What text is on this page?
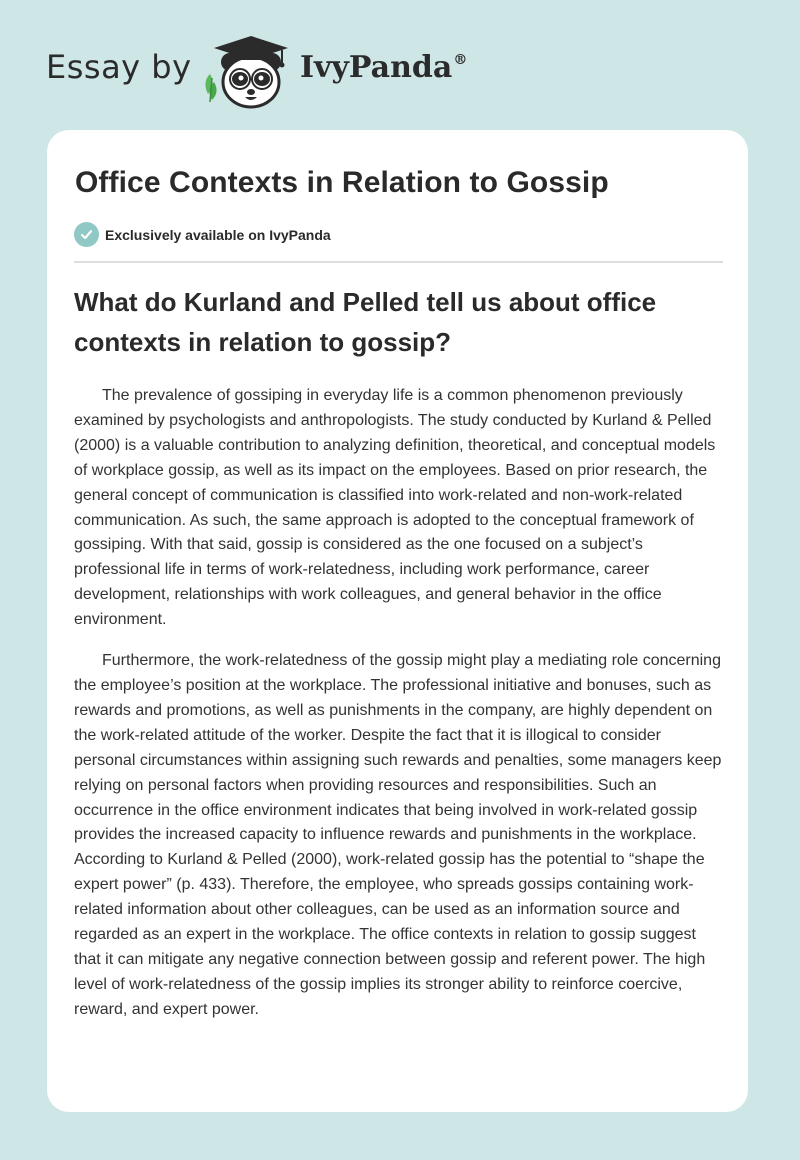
Essay by	IvyPanda®
Office Contexts in Relation to Gossip
Exclusively available on IvyPanda
What do Kurland and Pelled tell us about office contexts in relation to gossip?

The prevalence of gossiping in everyday life is a common phenomenon previously examined by psychologists and anthropologists. The study conducted by Kurland & Pelled (2000) is a valuable contribution to analyzing definition, theoretical, and conceptual models of workplace gossip, as well as its impact on the employees. Based on prior research, the general concept of communication is classified into work-related and non-work-related communication. As such, the same approach is adopted to the conceptual framework of gossiping. With that said, gossip is considered as the one focused on a subject’s professional life in terms of work-relatedness, including work performance, career development, relationships with work colleagues, and general behavior in the office environment.

Furthermore, the work-relatedness of the gossip might play a mediating role concerning the employee’s position at the workplace. The professional initiative and bonuses, such as rewards and promotions, as well as punishments in the company, are highly dependent on the work-related attitude of the worker. Despite the fact that it is illogical to consider personal circumstances within assigning such rewards and penalties, some managers keep relying on personal factors when providing resources and responsibilities. Such an occurrence in the office environment indicates that being involved in work-related gossip provides the increased capacity to influence rewards and punishments in the workplace. According to Kurland & Pelled (2000), work-related gossip has the potential to “shape the expert power” (p. 433). Therefore, the employee, who spreads gossips containing work-related information about other colleagues, can be used as an information source and regarded as an expert in the workplace. The office contexts in relation to gossip suggest that it can mitigate any negative connection between gossip and referent power. The high level of work-relatedness of the gossip implies its stronger ability to reinforce coercive, reward, and expert power.
